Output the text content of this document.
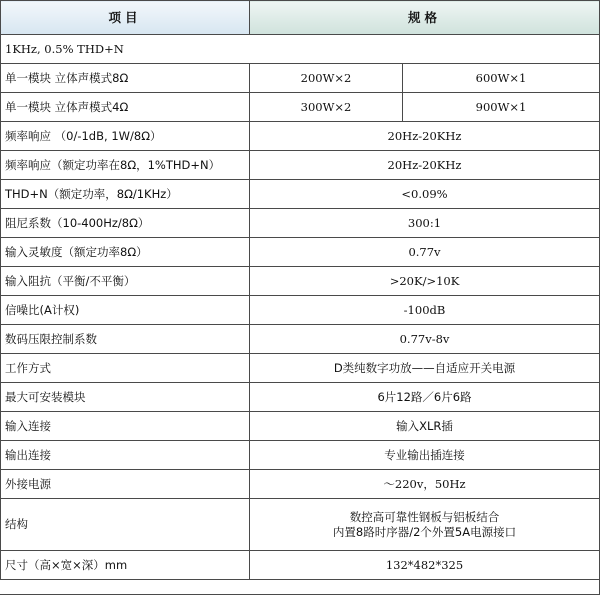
项目	规格	
1KHz, 0.5% THD+N		
单一模块 立体声模式8Ω	200W×2	600W×1
单一模块 立体声模式4Ω	300W×2	900W×1
频率响应 （0/-1dB, 1W/8Ω）	20Hz-20KHz	
频率响应（额定功率在8Ω，1%THD+N）	20Hz-20KHz	
THD+N（额定功率，8Ω/1KHz）	<0.09%	
阻尼系数（10-400Hz/8Ω）	300:1	
输入灵敏度（额定功率8Ω）	0.77v	
输入阻抗（平衡/不平衡）	>20K/>10K	
信噪比(A计权)	-100dB	
数码压限控制系数	0.77v-8v	
工作方式	D类纯数字功放——自适应开关电源	
最大可安装模块	6片12路／6片6路	
输入连接	输入XLR插	
输出连接	专业输出插连接	
外接电源	～220v，50Hz	
结构	数控高可靠性钢板与铝板结合
内置8路时序器/2个外置5A电源接口	

尺寸（高×宽×深）mm	132*482*325	
